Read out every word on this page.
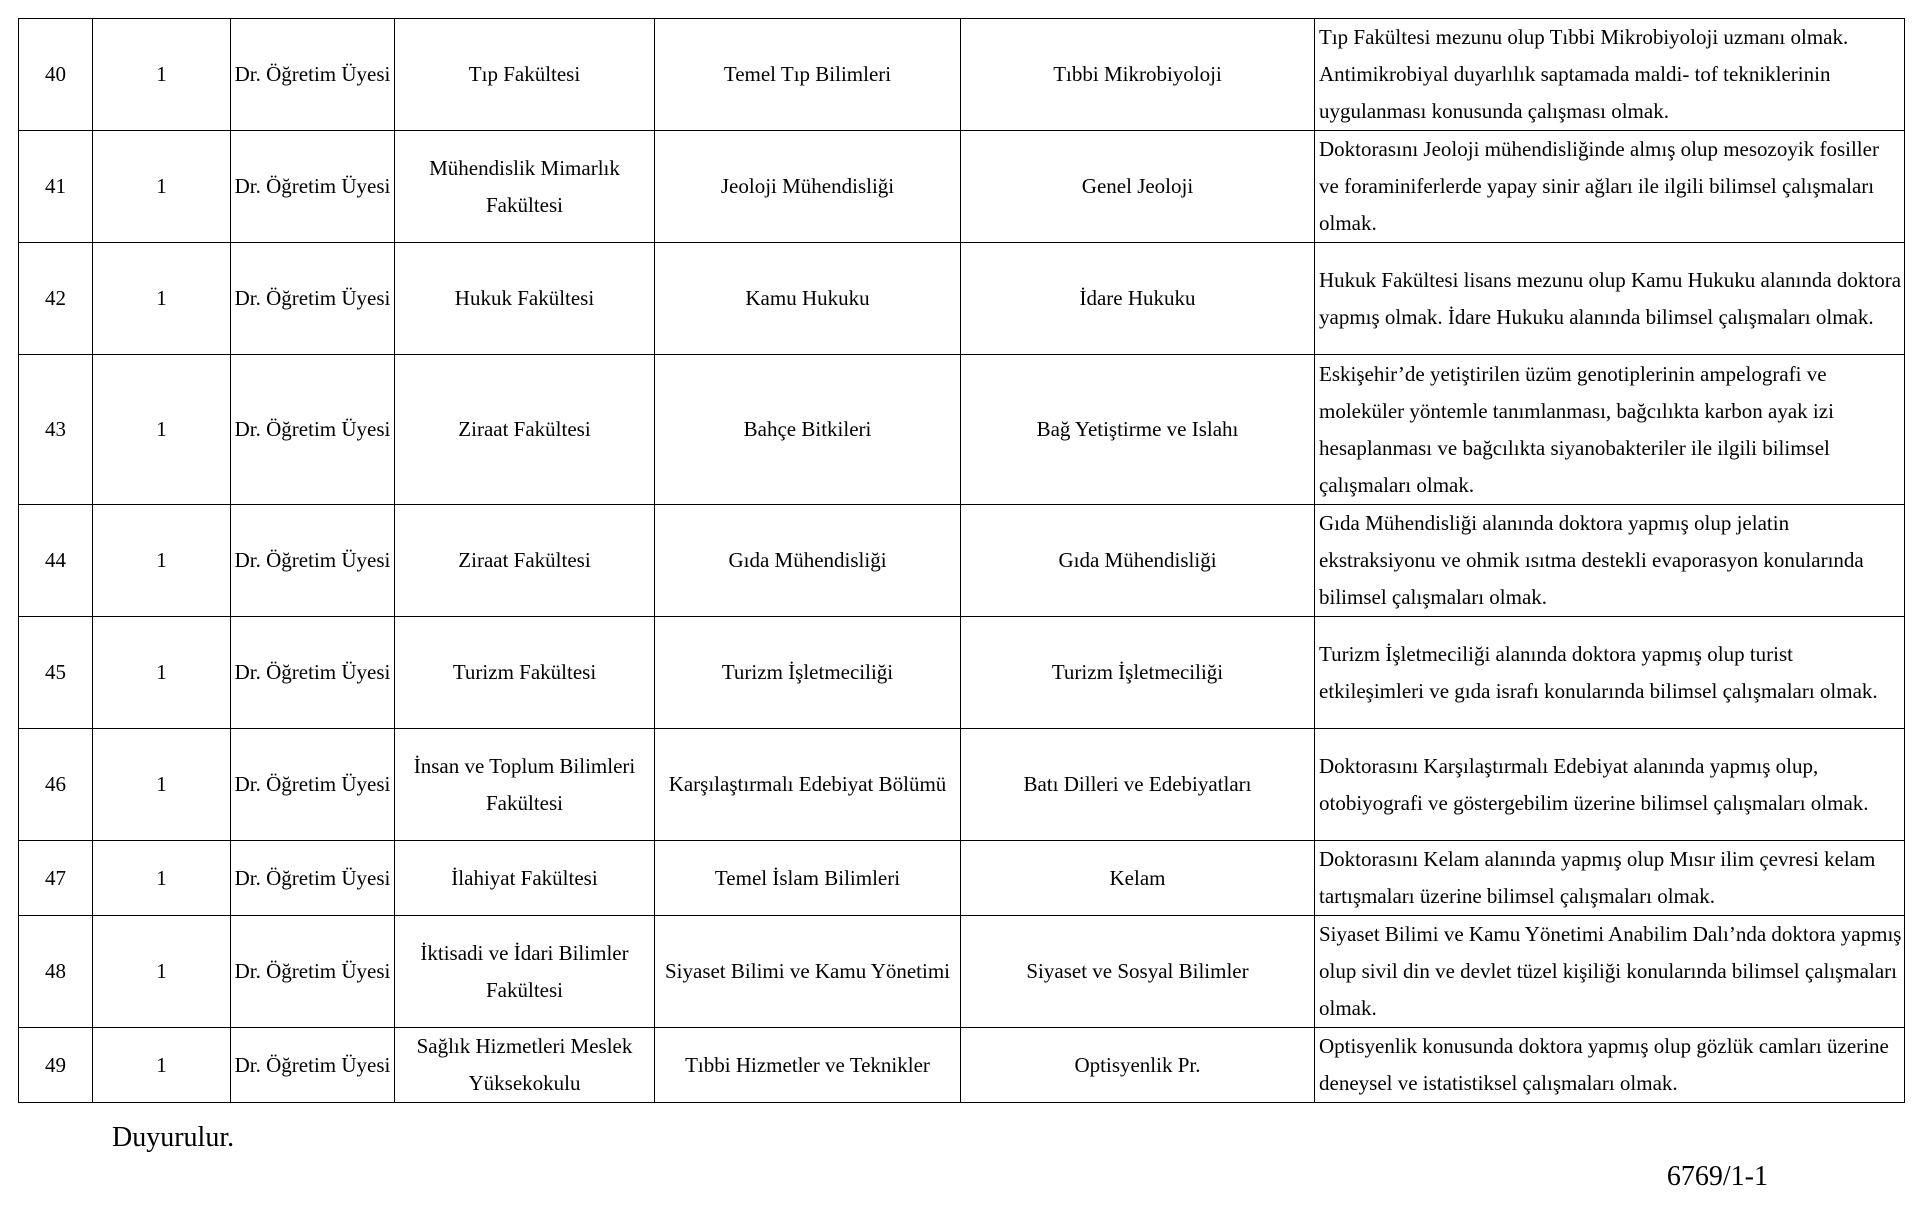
40	1	Dr. Öğretim Üyesi	Tıp Fakültesi	Temel Tıp Bilimleri	Tıbbi Mikrobiyoloji	Tıp Fakültesi mezunu olup Tıbbi Mikrobiyoloji uzmanı olmak. Antimikrobiyal duyarlılık saptamada maldi- tof tekniklerinin uygulanması konusunda çalışması olmak.
41	1	Dr. Öğretim Üyesi	Mühendislik Mimarlık Fakültesi	Jeoloji Mühendisliği	Genel Jeoloji	Doktorasını Jeoloji mühendisliğinde almış olup mesozoyik fosiller ve foraminiferlerde yapay sinir ağları ile ilgili bilimsel çalışmaları olmak.
42	1	Dr. Öğretim Üyesi	Hukuk Fakültesi	Kamu Hukuku	İdare Hukuku	Hukuk Fakültesi lisans mezunu olup Kamu Hukuku alanında doktora yapmış olmak. İdare Hukuku alanında bilimsel çalışmaları olmak.
43	1	Dr. Öğretim Üyesi	Ziraat Fakültesi	Bahçe Bitkileri	Bağ Yetiştirme ve Islahı	Eskişehir’de yetiştirilen üzüm genotiplerinin ampelografi ve moleküler yöntemle tanımlanması, bağcılıkta karbon ayak izi hesaplanması ve bağcılıkta siyanobakteriler ile ilgili bilimsel çalışmaları olmak.
44	1	Dr. Öğretim Üyesi	Ziraat Fakültesi	Gıda Mühendisliği	Gıda Mühendisliği	Gıda Mühendisliği alanında doktora yapmış olup jelatin ekstraksiyonu ve ohmik ısıtma destekli evaporasyon konularında bilimsel çalışmaları olmak.
45	1	Dr. Öğretim Üyesi	Turizm Fakültesi	Turizm İşletmeciliği	Turizm İşletmeciliği	Turizm İşletmeciliği alanında doktora yapmış olup turist etkileşimleri ve gıda israfı konularında bilimsel çalışmaları olmak.
46	1	Dr. Öğretim Üyesi	İnsan ve Toplum Bilimleri Fakültesi	Karşılaştırmalı Edebiyat Bölümü	Batı Dilleri ve Edebiyatları	Doktorasını Karşılaştırmalı Edebiyat alanında yapmış olup, otobiyografi ve göstergebilim üzerine bilimsel çalışmaları olmak.
47	1	Dr. Öğretim Üyesi	İlahiyat Fakültesi	Temel İslam Bilimleri	Kelam	Doktorasını Kelam alanında yapmış olup Mısır ilim çevresi kelam tartışmaları üzerine bilimsel çalışmaları olmak.
48	1	Dr. Öğretim Üyesi	İktisadi ve İdari Bilimler Fakültesi	Siyaset Bilimi ve Kamu Yönetimi	Siyaset ve Sosyal Bilimler	Siyaset Bilimi ve Kamu Yönetimi Anabilim Dalı’nda doktora yapmış olup sivil din ve devlet tüzel kişiliği konularında bilimsel çalışmaları olmak.
49	1	Dr. Öğretim Üyesi	Sağlık Hizmetleri Meslek Yüksekokulu	Tıbbi Hizmetler ve Teknikler	Optisyenlik Pr.	Optisyenlik konusunda doktora yapmış olup gözlük camları üzerine deneysel ve istatistiksel çalışmaları olmak.
Duyurulur.
6769/1-1
